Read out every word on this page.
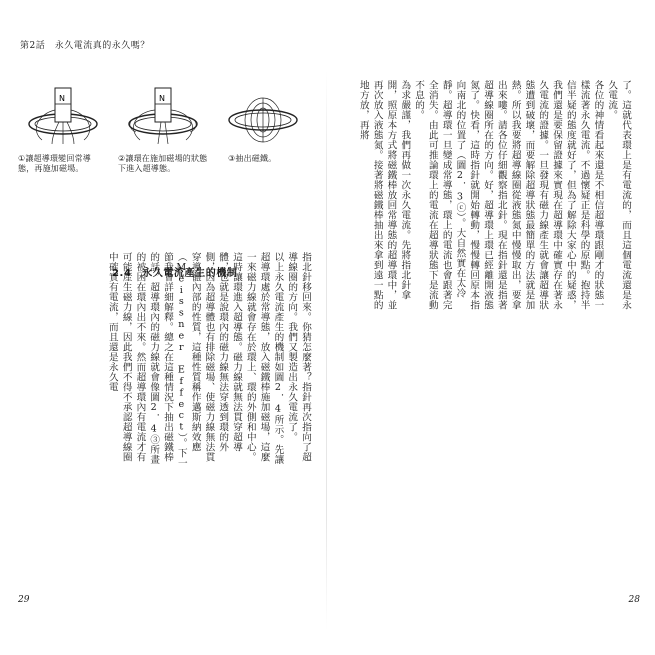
第2話　永久電流真的永久嗎？
N	N
①讓超導環變回常導態，再施加磁場。
②讓環在施加磁場的狀態下進入超導態。
③抽出磁鐵。
2.4　永久電流產生的機制	指北針移回來。你猜怎麼著？指針再次指向了超導線圈的方向。我們又製造出永久電流了。
以上永久電流產生的機制如圖2．4所示。先讓超導環處於常導態，放入磁鐵棒施加磁場，這麼一來磁力線就會存在於環上、環的外側和中心。這時讓環進入超導態。磁力線就無法貫穿超導體，也就是說環內的磁力線無法穿透到環的外側，因為超導體也有排除磁場、使磁力線無法貫穿導體內部的性質，這種性質稱作邁斯納效應（Meissner Effect）。下一節我會詳細解釋。總之在這種情況下抽出磁鐵棒的話，超導環內的磁力線就會像圖2．4③所畫的被困在環內出不來。然而超導環內有電流才有可能產生磁力線，因此我們不得不承認超導線圈中確實有電流，而且還是永久電
29
了。這就代表環上是有電流的，而且這個電流還是永久電流。
各位的神情看起來還是不相信超導環跟剛才的狀態一樣流著永久電流。不過懷疑正是科學的原點。抱持半信半疑的態度就好了，但為了解除大家心中的疑惑，我們還是要保留證據來實現在超導環中確實存在著永久電流的證據。一旦發現有磁力線產生就會讓超導狀態遭到破壞，而要解除超導狀態最簡單的方法就是加熱。所以我要將超導線圈從液態氮中慢慢取出，要拿出來嘍。請各位仔細觀察指北針。現在指針還是指著超導線圈所在的方向。好，超導環上環已經離開液態氮了。快看，這時指針就開始轉動，慢慢轉回原本指向南北的位置了（圖2．3ⓒ）。大自然實在太冷靜。超導環一旦變成常導態，環上的電流也會跟著完全消失。由此可推論環上的電流在超導狀態下是流動不息的。
為求嚴謹，我們再做一次永久電流。先將指北針拿開，照原本方式將磁鐵棒放回常導態的超導環中，並再次放入液態氮。接著將磁鐵棒抽出來拿到遠一點的地方放，再將
28
